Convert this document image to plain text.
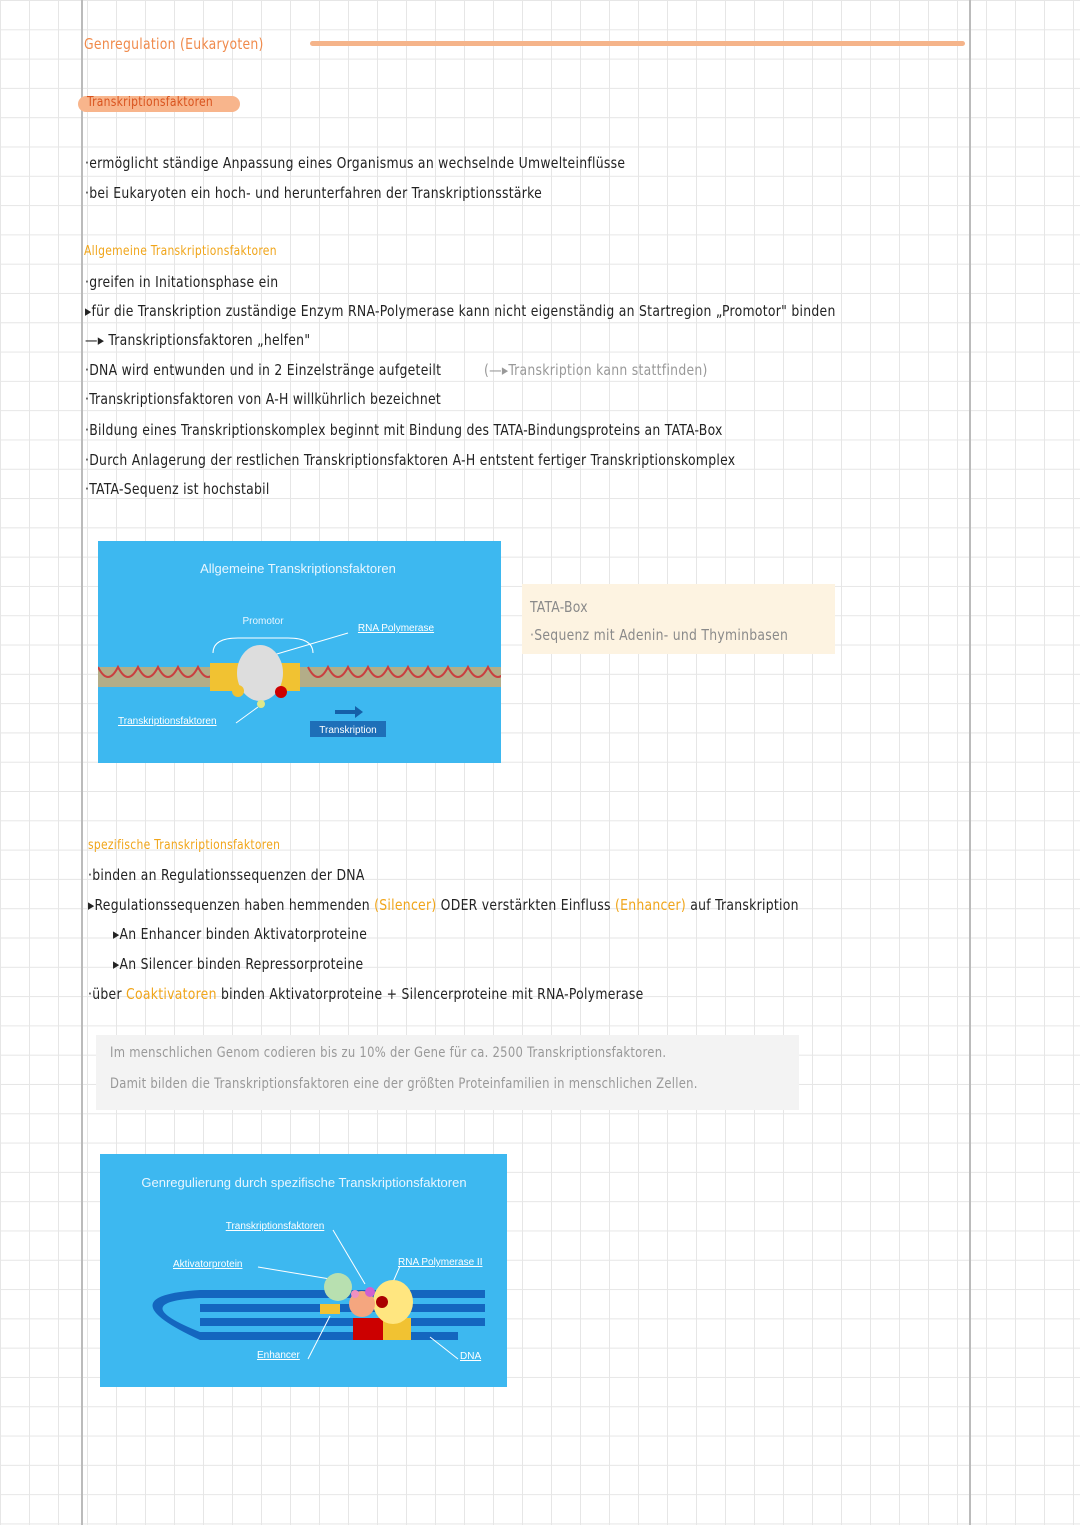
Genregulation (Eukaryoten)
Transkriptionsfaktoren
·ermöglicht ständige Anpassung eines Organismus an wechselnde Umwelteinflüsse
·bei Eukaryoten ein hoch- und herunterfahren der Transkriptionsstärke
Allgemeine Transkriptionsfaktoren
·greifen in Initationsphase ein
▸für die Transkription zuständige Enzym RNA-Polymerase kann nicht eigenständig an Startregion „Promotor" binden
—▸ Transkriptionsfaktoren „helfen"
·DNA wird entwunden und in 2 Einzelstränge aufgeteilt	(—▸Transkription kann stattfinden)
·Transkriptionsfaktoren von A-H willkührlich bezeichnet
·Bildung eines Transkriptionskomplex beginnt mit Bindung des TATA-Bindungsproteins an TATA-Box
·Durch Anlagerung der restlichen Transkriptionsfaktoren A-H entstent fertiger Transkriptionskomplex
·TATA-Sequenz ist hochstabil
Allgemeine Transkriptionsfaktoren
Promotor
RNA Polymerase
Transkriptionsfaktoren
Transkription
TATA-Box
·Sequenz mit Adenin- und Thyminbasen
spezifische Transkriptionsfaktoren
·binden an Regulationssequenzen der DNA
▸Regulationssequenzen haben hemmenden (Silencer) ODER verstärkten Einfluss (Enhancer) auf Transkription
▸An Enhancer binden Aktivatorproteine
▸An Silencer binden Repressorproteine
·über Coaktivatoren binden Aktivatorproteine + Silencerproteine mit RNA-Polymerase
Im menschlichen Genom codieren bis zu 10% der Gene für ca. 2500 Transkriptionsfaktoren.
Damit bilden die Transkriptionsfaktoren eine der größten Proteinfamilien in menschlichen Zellen.
Genregulierung durch spezifische Transkriptionsfaktoren
Transkriptionsfaktoren
Aktivatorprotein	RNA Polymerase II
Enhancer	DNA
